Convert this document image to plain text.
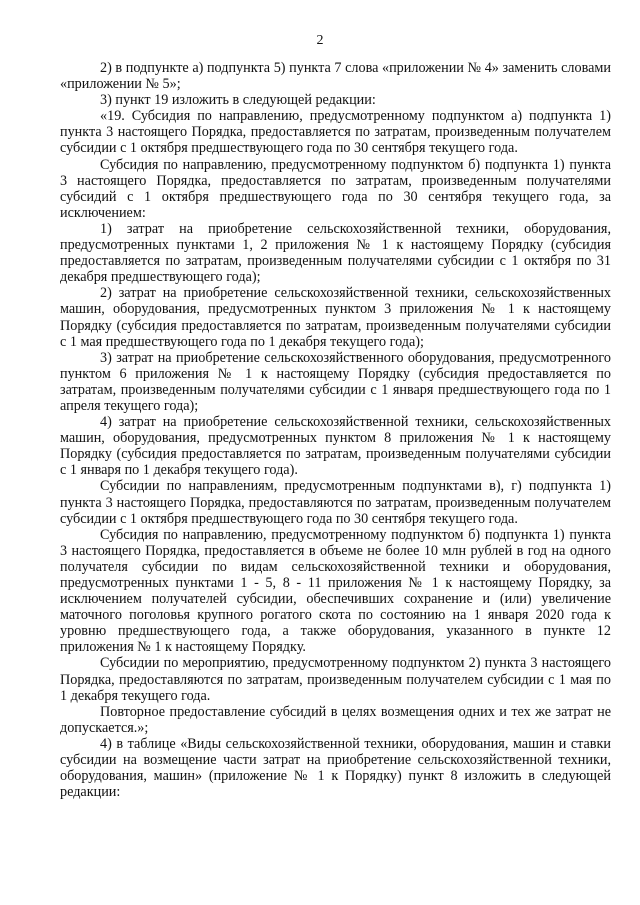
2

2) в подпункте а) подпункта 5) пункта 7 слова «приложении № 4» заменить словами «приложении № 5»;

3) пункт 19 изложить в следующей редакции:

«19. Субсидия по направлению, предусмотренному подпунктом а) подпункта 1) пункта 3 настоящего Порядка, предоставляется по затратам, произведенным получателем субсидии с 1 октября предшествующего года по 30 сентября текущего года.

Субсидия по направлению, предусмотренному подпунктом б) подпункта 1) пункта 3 настоящего Порядка, предоставляется по затратам, произведенным получателями субсидий с 1 октября предшествующего года по 30 сентября текущего года, за исключением:

1) затрат на приобретение сельскохозяйственной техники, оборудования, предусмотренных пунктами 1, 2 приложения № 1 к настоящему Порядку (субсидия предоставляется по затратам, произведенным получателями субсидии с 1 октября по 31 декабря предшествующего года);

2) затрат на приобретение сельскохозяйственной техники, сельскохозяйственных машин, оборудования, предусмотренных пунктом 3 приложения № 1 к настоящему Порядку (субсидия предоставляется по затратам, произведенным получателями субсидии с 1 мая предшествующего года по 1 декабря текущего года);

3) затрат на приобретение сельскохозяйственного оборудования, предусмотренного пунктом 6 приложения № 1 к настоящему Порядку (субсидия предоставляется по затратам, произведенным получателями субсидии с 1 января предшествующего года по 1 апреля текущего года);

4) затрат на приобретение сельскохозяйственной техники, сельскохозяйственных машин, оборудования, предусмотренных пунктом 8 приложения № 1 к настоящему Порядку (субсидия предоставляется по затратам, произведенным получателями субсидии с 1 января по 1 декабря текущего года).

Субсидии по направлениям, предусмотренным подпунктами в), г) подпункта 1) пункта 3 настоящего Порядка, предоставляются по затратам, произведенным получателем субсидии с 1 октября предшествующего года по 30 сентября текущего года.

Субсидия по направлению, предусмотренному подпунктом б) подпункта 1) пункта 3 настоящего Порядка, предоставляется в объеме не более 10 млн рублей в год на одного получателя субсидии по видам сельскохозяйственной техники и оборудования, предусмотренных пунктами 1 - 5, 8 - 11 приложения № 1 к настоящему Порядку, за исключением получателей субсидии, обеспечивших сохранение и (или) увеличение маточного поголовья крупного рогатого скота по состоянию на 1 января 2020 года к уровню предшествующего года, а также оборудования, указанного в пункте 12 приложения № 1 к настоящему Порядку.

Субсидии по мероприятию, предусмотренному подпунктом 2) пункта 3 настоящего Порядка, предоставляются по затратам, произведенным получателем субсидии с 1 мая по 1 декабря текущего года.

Повторное предоставление субсидий в целях возмещения одних и тех же затрат не допускается.»;

4) в таблице «Виды сельскохозяйственной техники, оборудования, машин и ставки субсидии на возмещение части затрат на приобретение сельскохозяйственной техники, оборудования, машин» (приложение № 1 к Порядку) пункт 8 изложить в следующей редакции:
